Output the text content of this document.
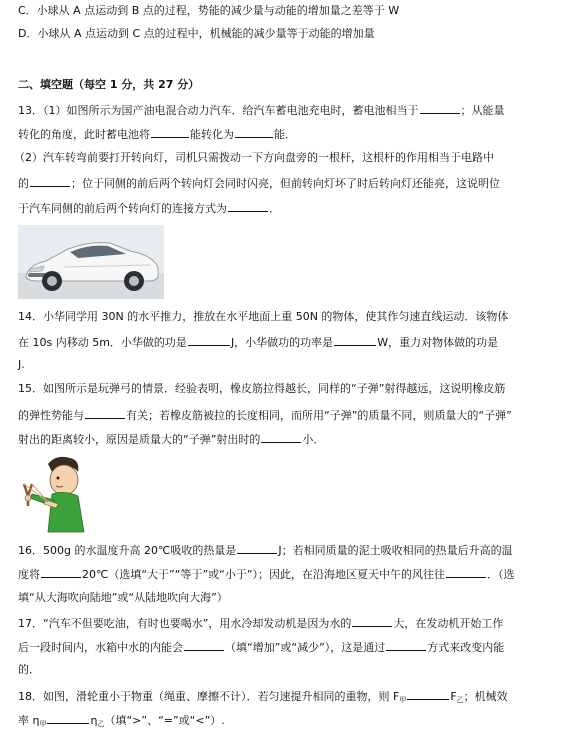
C．小球从 A 点运动到 B 点的过程，势能的减少量与动能的增加量之差等于 W
D．小球从 A 点运动到 C 点的过程中，机械能的减少量等于动能的增加量
二、填空题（每空 1 分，共 27 分）
13．（1）如图所示为国产油电混合动力汽车．给汽车蓄电池充电时，蓄电池相当于	；从能量
转化的角度，此时蓄电池将	能转化为	能．
（2）汽车转弯前要打开转向灯，司机只需拨动一下方向盘旁的一根杆，这根杆的作用相当于电路中
的	；位于同侧的前后两个转向灯会同时闪亮，但前转向灯坏了时后转向灯还能亮，这说明位
于汽车同侧的前后两个转向灯的连接方式为	．
14．小华同学用 30N 的水平推力，推放在水平地面上重 50N 的物体，使其作匀速直线运动．该物体
在 10s 内移动 5m．小华做的功是	J，小华做功的功率是	W，重力对物体做的功是
J.
15．如图所示是玩弹弓的情景．经验表明，橡皮筋拉得越长，同样的“子弹”射得越远，这说明橡皮筋
的弹性势能与	有关；若橡皮筋被拉的长度相同，而所用“子弹”的质量不同，则质量大的“子弹”
射出的距离较小，原因是质量大的“子弹”射出时的	小．
16．500g 的水温度升高 20℃吸收的热量是	J；若相同质量的泥土吸收相同的热量后升高的温
度将	20℃（选填“大于”“等于”或“小于”）；因此，在沿海地区夏天中午的风往往	．（选
填“从大海吹向陆地”或“从陆地吹向大海”）
17．“汽车不但要吃油，有时也要喝水”，用水冷却发动机是因为水的	大，在发动机开始工作
后一段时间内，水箱中水的内能会	（填“增加”或“减少”），这是通过	方式来改变内能
的．
18．如图，滑轮重小于物重（绳重、摩擦不计）．若匀速提升相同的重物，则 $F_甲$	$F_乙$；机械效
率 $\eta_甲$	$\eta_乙$（填“>”、“=”或“<”）.
